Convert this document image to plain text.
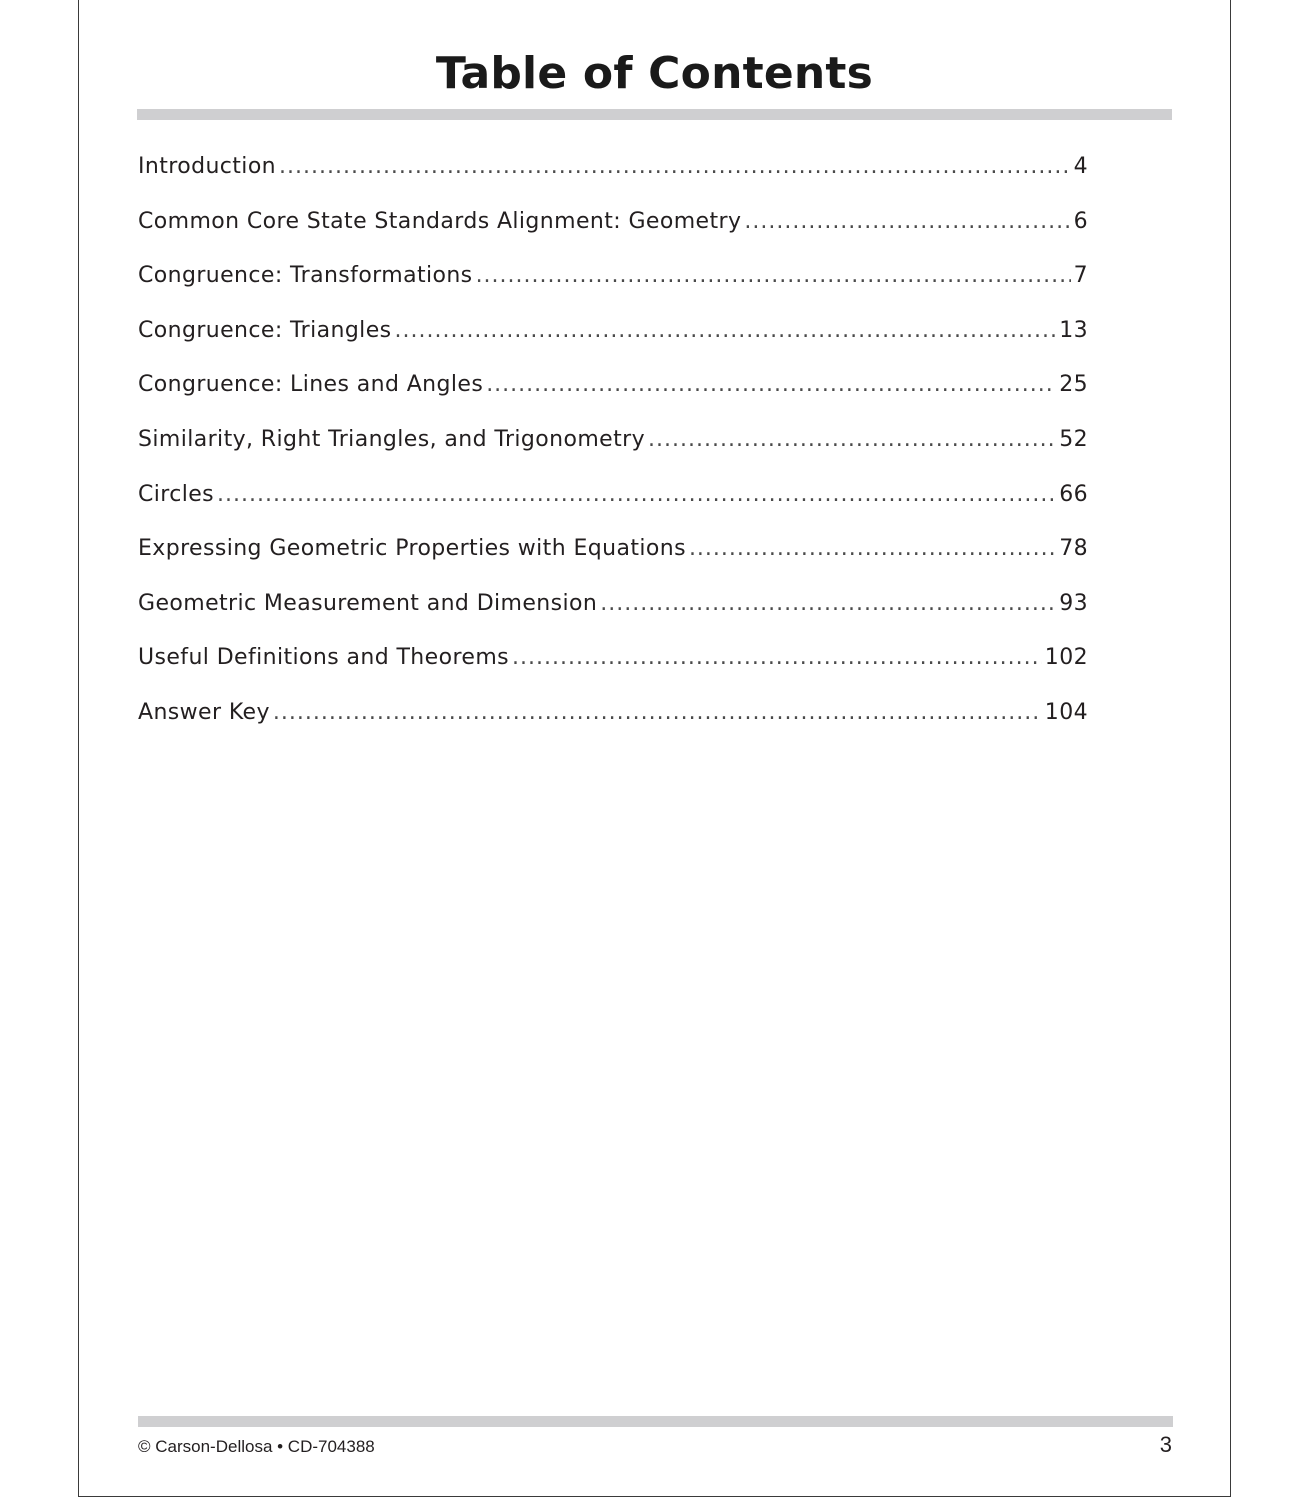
Table of Contents
Introduction .....	4
Common Core State Standards Alignment: Geometry .....	6
Congruence: Transformations .....	7
Congruence: Triangles .....	13
Congruence: Lines and Angles .....	25
Similarity, Right Triangles, and Trigonometry .....	52
Circles .....	66
Expressing Geometric Properties with Equations .....	78
Geometric Measurement and Dimension .....	93
Useful Definitions and Theorems .....	102
Answer Key .....	104
© Carson-Dellosa • CD-704388	3
